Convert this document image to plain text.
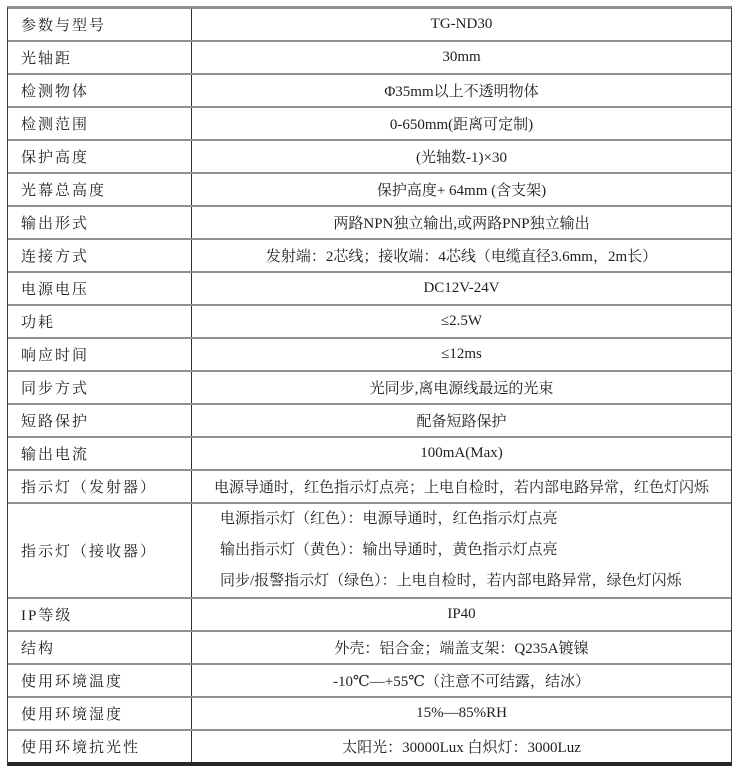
参数与型号	TG-ND30
光轴距	30mm
检测物体	Φ35mm以上不透明物体
检测范围	0-650mm(距离可定制)
保护高度	(光轴数-1)×30
光幕总高度	保护高度+ 64mm (含支架)
输出形式	两路NPN独立输出,或两路PNP独立输出
连接方式	发射端：2芯线；接收端：4芯线（电缆直径3.6mm，2m长）
电源电压	DC12V-24V
功耗	≤2.5W
响应时间	≤12ms
同步方式	光同步,离电源线最远的光束
短路保护	配备短路保护
输出电流	100mA(Max)
指示灯（发射器）	电源导通时，红色指示灯点亮；上电自检时，若内部电路异常，红色灯闪烁
指示灯（接收器）	电源指示灯（红色）：电源导通时，红色指示灯点亮
输出指示灯（黄色）：输出导通时，黄色指示灯点亮
同步/报警指示灯（绿色）：上电自检时，若内部电路异常，绿色灯闪烁

IP等级	IP40
结构	外壳：铝合金；端盖支架：Q235A镀镍
使用环境温度	-10℃—+55℃（注意不可结露，结冰）
使用环境湿度	15%—85%RH
使用环境抗光性	太阳光：30000Lux 白炽灯：3000Luz
